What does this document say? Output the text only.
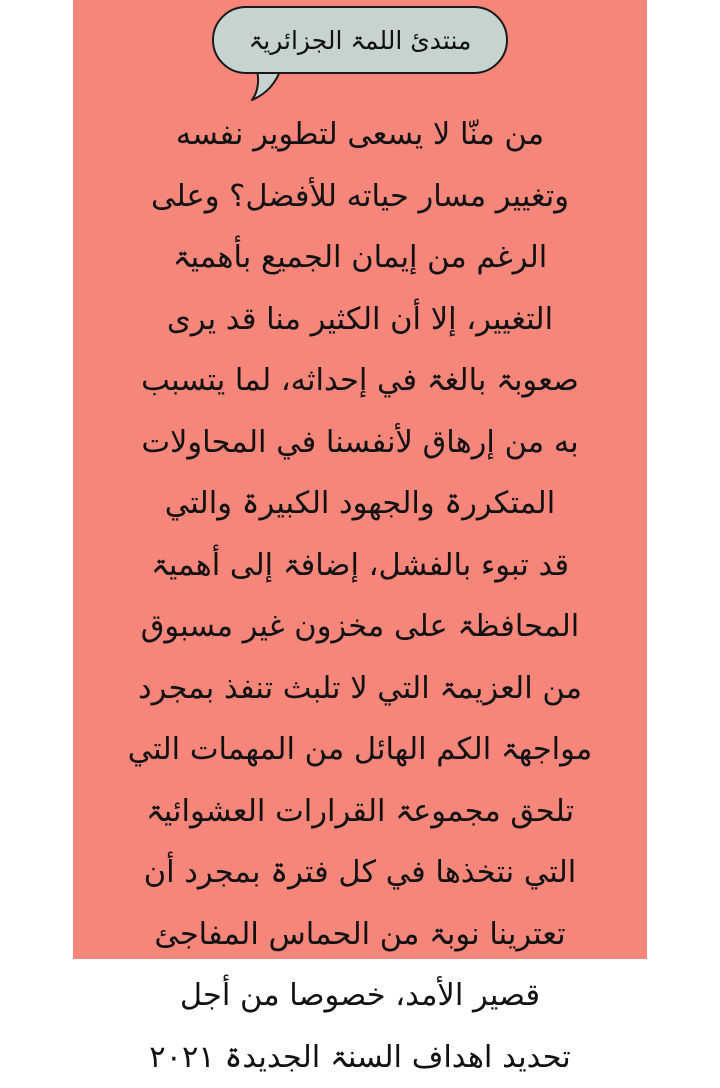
منتدئ اللمۃ الجزائريۃ
من منّا لا يسعى لتطوير نفسه
وتغيير مسار حياته للأفضل؟ وعلى
الرغم من إيمان الجميع بأهميۃ
التغيير، إلا أن الكثير منا قد يرى
صعوبۃ بالغۃ في إحداثه، لما يتسبب
به من إرهاق لأنفسنا في المحاولات
المتكررۃ والجهود الكبيرۃ والتي
قد تبوء بالفشل، إضافۃ إلى أهميۃ
المحافظۃ على مخزون غير مسبوق
من العزيمۃ التي لا تلبث تنفذ بمجرد
مواجهۃ الكم الهائل من المهمات التي
تلحق مجموعۃ القرارات العشوائيۃ
التي نتخذها في كل فترۃ بمجرد أن
تعترينا نوبۃ من الحماس المفاجئ
قصير الأمد، خصوصا من أجل
تحديد اهداف السنۃ الجديدۃ ٢٠٢١
